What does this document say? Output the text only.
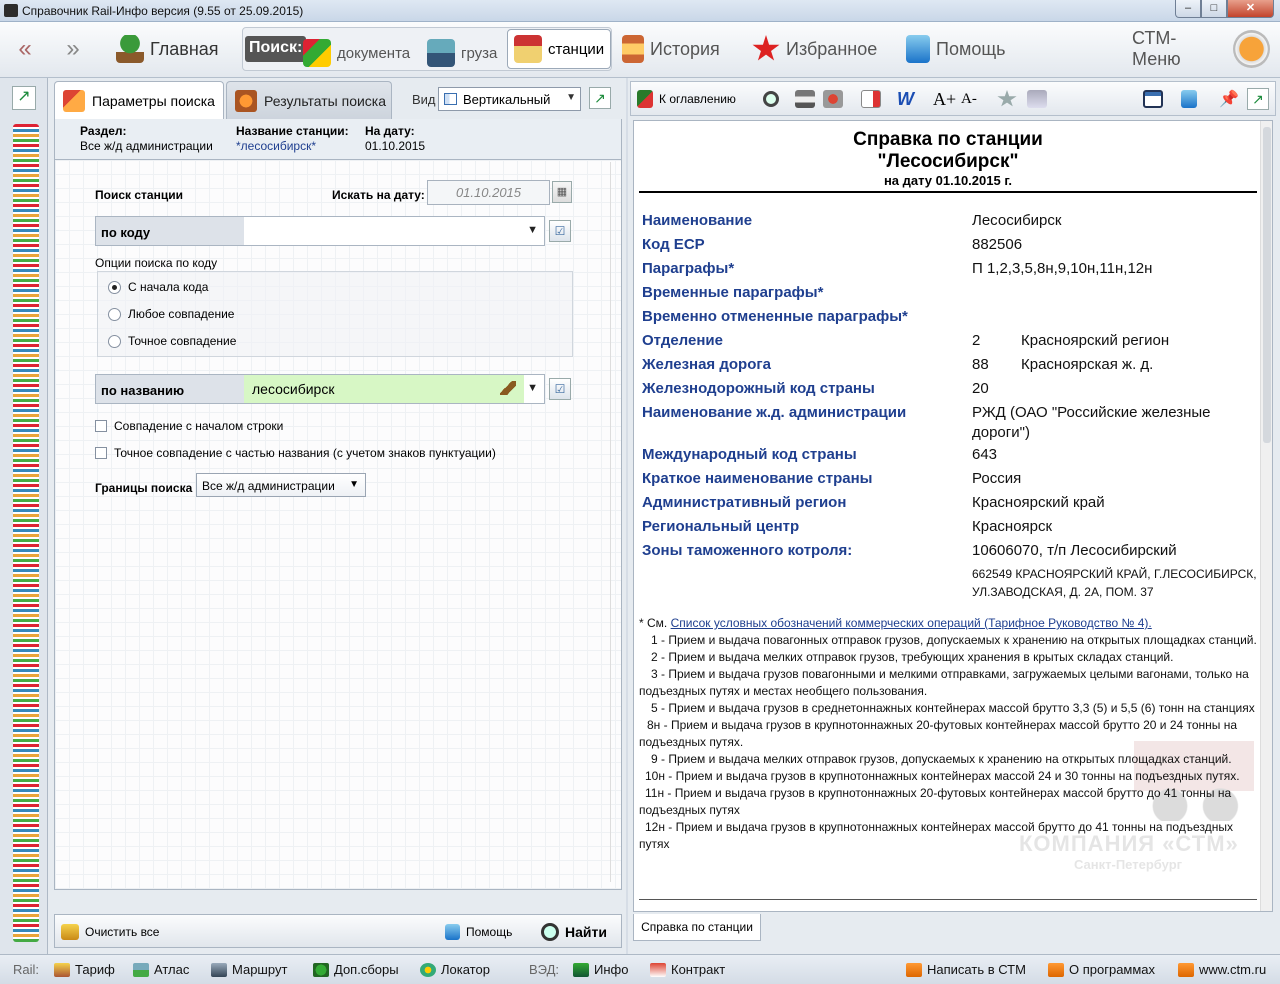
Справочник Rail-Инфо версия (9.55 от 25.09.2015)	–	□	✕
«	»	Главная Поиск: документа	груза	станции	История	Избранное	Помощь
СТМ-Меню
↗	Параметры поиска	Результаты поиска Вид	Вертикальный ▼	↗
Раздел:
Все ж/д администрации
Название станции:
*лесосибирск*
На дату:
01.10.2015
Поиск станции	Искать на дату:	01.10.2015	▦
по коду	▼	☑
Опции поиска по коду
С начала кода
Любое совпадение
Точное совпадение
по названию	лесосибирск	▼	☑
Совпадение с началом строки
Точное совпадение с частью названия (с учетом знаков пунктуации)
Границы поиска Все ж/д администрации ▼
Очистить все	Помощь	Найти
К оглавлению	W A+ A-	📌 ↗
Справка по станции
"Лесосибирск"
на дату 01.10.2015 г.
Наименование	Лесосибирск
Код ЕСР	882506
Параграфы*	П 1,2,3,5,8н,9,10н,11н,12н
Временные параграфы*
Временно отмененные параграфы*
Отделение	2	Красноярский регион
Железная дорога	88 Красноярская ж. д.
Железнодорожный код страны	20
Наименование ж.д. администрации	РЖД (ОАО "Российские железные дороги")
Международный код страны	643
Краткое наименование страны	Россия
Административный регион	Красноярский край
Региональный центр	Красноярск
Зоны таможенного котроля:	10606070, т/п Лесосибирский
662549 КРАСНОЯРСКИЙ КРАЙ, Г.ЛЕСОСИБИРСК, УЛ.ЗАВОДСКАЯ, Д. 2А, ПОМ. 37
КОМПАНИЯ «СТМ»
Санкт-Петербург
* См. Список условных обозначений коммерческих операций (Тарифное Руководство № 4).
1 - Прием и выдача повагонных отправок грузов, допускаемых к хранению на открытых площадках станций.
2 - Прием и выдача мелких отправок грузов, требующих хранения в крытых складах станций.
3 - Прием и выдача грузов повагонными и мелкими отправками, загружаемых целыми вагонами, только на подъездных путях и местах необщего пользования.
5 - Прием и выдача грузов в среднетоннажных контейнерах массой брутто 3,3 (5) и 5,5 (6) тонн на станциях
8н - Прием и выдача грузов в крупнотоннажных 20-футовых контейнерах массой брутто 20 и 24 тонны на подъездных путях.
9 - Прием и выдача мелких отправок грузов, допускаемых к хранению на открытых площадках станций.
10н - Прием и выдача грузов в крупнотоннажных контейнерах массой 24 и 30 тонны на подъездных путях.
11н - Прием и выдача грузов в крупнотоннажных 20-футовых контейнерах массой брутто до 41 тонны на подъездных путях
12н - Прием и выдача грузов в крупнотоннажных контейнерах массой брутто до 41 тонны на подъездных путях
Справка по станции
Rail:	Тариф	Атлас	Маршрут	Доп.сборы	Локатор	ВЭД:	Инфо	Контракт	Написать в СТМ	О программах	www.ctm.ru
